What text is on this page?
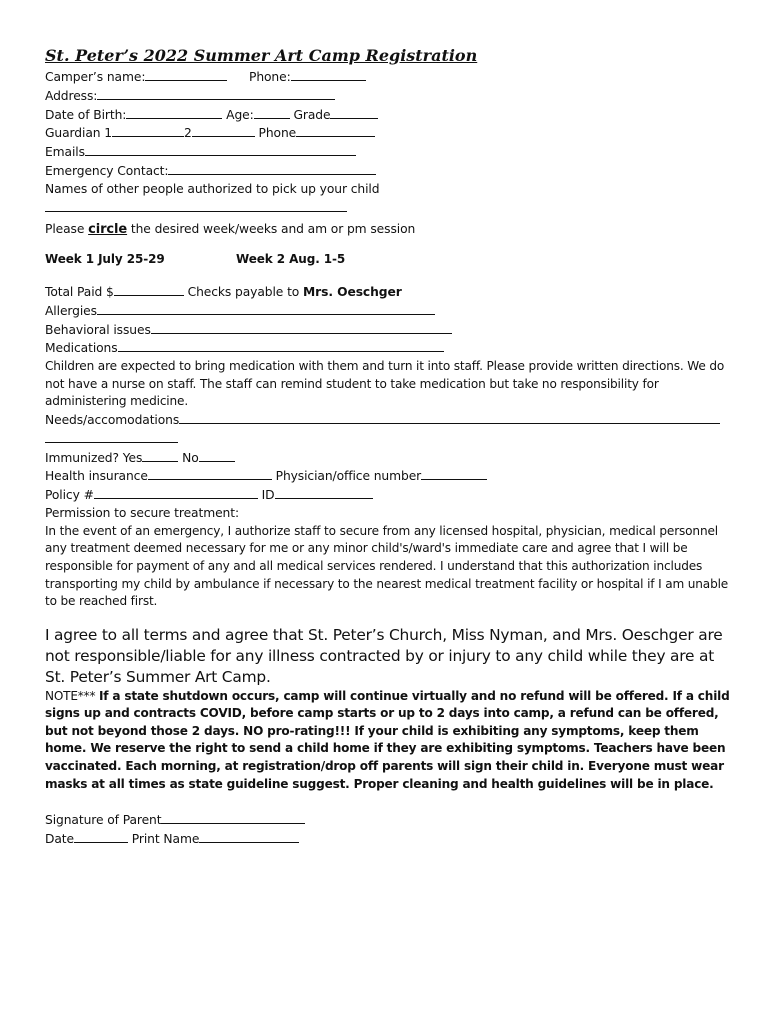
St. Peter’s 2022 Summer Art Camp Registration
Camper’s name:	Phone:
Address:
Date of Birth:	Age:	Grade
Guardian 1	2	Phone
Emails
Emergency Contact:
Names of other people authorized to pick up your child
Please circle the desired week/weeks and am or pm session
Week 1 July 25-29	Week 2 Aug. 1-5
Total Paid $	Checks payable to Mrs. Oeschger
Allergies
Behavioral issues
Medications
Children are expected to bring medication with them and turn it into staff. Please provide written directions. We do not have a nurse on staff. The staff can remind student to take medication but take no responsibility for administering medicine.
Needs/accomodations
Immunized? Yes	No
Health insurance	Physician/office number
Policy #	ID
Permission to secure treatment:
In the event of an emergency, I authorize staff to secure from any licensed hospital, physician, medical personnel any treatment deemed necessary for me or any minor child's/ward's immediate care and agree that I will be responsible for payment of any and all medical services rendered. I understand that this authorization includes transporting my child by ambulance if necessary to the nearest medical treatment facility or hospital if I am unable to be reached first.
I agree to all terms and agree that St. Peter’s Church, Miss Nyman, and Mrs. Oeschger are not responsible/liable for any illness contracted by or injury to any child while they are at St. Peter’s Summer Art Camp.
NOTE*** If a state shutdown occurs, camp will continue virtually and no refund will be offered. If a child signs up and contracts COVID, before camp starts or up to 2 days into camp, a refund can be offered, but not beyond those 2 days. NO pro-rating!!! If your child is exhibiting any symptoms, keep them home. We reserve the right to send a child home if they are exhibiting symptoms. Teachers have been vaccinated. Each morning, at registration/drop off parents will sign their child in. Everyone must wear masks at all times as state guideline suggest. Proper cleaning and health guidelines will be in place.
Signature of Parent
Date	Print Name
